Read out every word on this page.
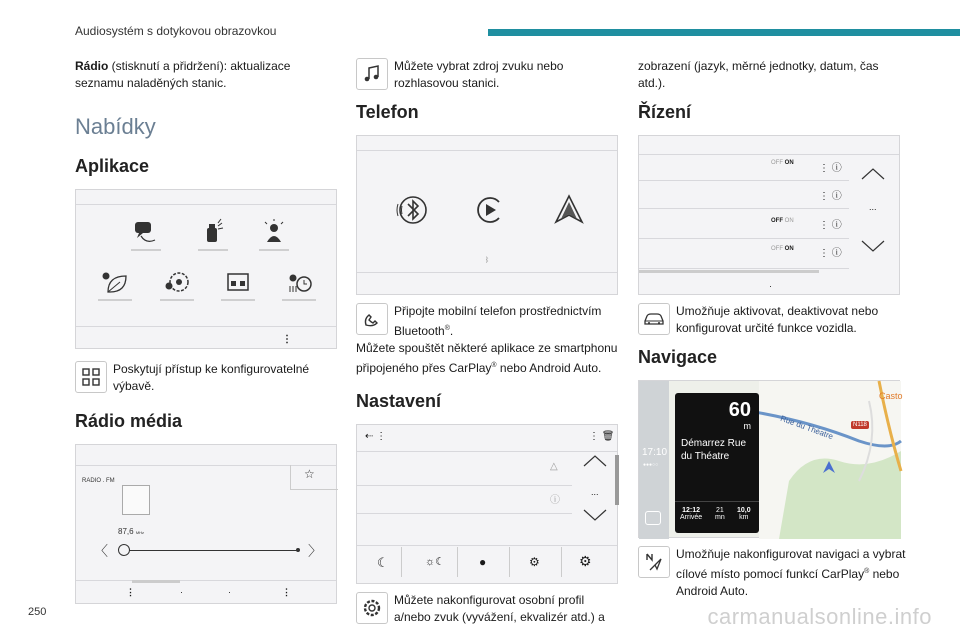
Audiosystém s dotykovou obrazovkou

Rádio (stisknutí a přidržení): aktualizace seznamu naladěných stanic.

Nabídky
Aplikace
⋮

Poskytují přístup ke konfigurovatelné výbavě.

Rádio média
RADIO . FM	☆
87,6 MHz
〈	〉
⋮	·	·	⋮

Můžete vybrat zdroj zvuku nebo rozhlasovou stanici.

Telefon
ᛒ

Připojte mobilní telefon prostřednictvím Bluetooth®.

Můžete spouštět některé aplikace ze smartphonu připojeného přes CarPlay® nebo Android Auto.

Nastavení
⇠ ⋮	⋮ 🗑
△
ⓘ
...
☾	☼☾	●	⚙	⚙

Můžete nakonfigurovat osobní profil a/nebo zvuk (vyvážení, ekvalizér atd.) a

zobrazení (jazyk, měrné jednotky, datum, čas atd.).

Řízení
·
OFF ON
OFF ON
OFF ON
⋮ ⓘ
⋮ ⓘ
⋮ ⓘ
⋮ ⓘ
...

Umožňuje aktivovat, deaktivovat nebo konfigurovat určité funkce vozidla.

Navigace
17:10
●●●○○
Casto
N118
Rue du Théatre
60
m
Démarrez Rue du Théatre
12:12
Arrivée
21
mn
10,0
km

Umožňuje nakonfigurovat navigaci a vybrat cílové místo pomocí funkcí CarPlay® nebo Android Auto.

250	carmanualsonline.info
